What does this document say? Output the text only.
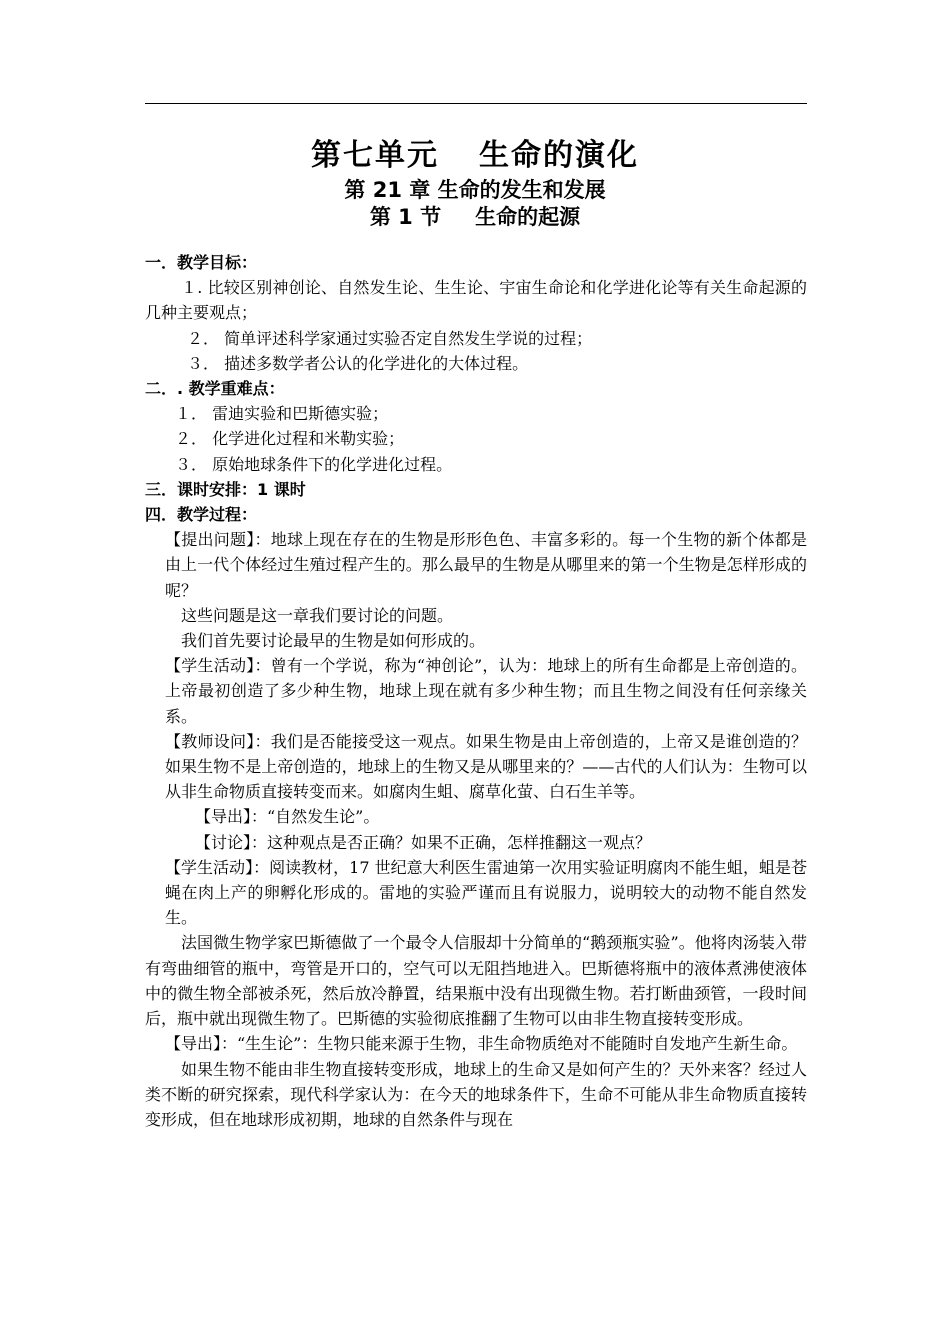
第七单元 生命的演化
第 21 章 生命的发生和发展
第 1 节 生命的起源

一．教学目标：

１. 比较区别神创论、自然发生论、生生论、宇宙生命论和化学进化论等有关生命起源的几种主要观点；

２． 简单评述科学家通过实验否定自然发生学说的过程；

３． 描述多数学者公认的化学进化的大体过程。

二．. 教学重难点：

１． 雷迪实验和巴斯德实验；

２． 化学进化过程和米勒实验；

３． 原始地球条件下的化学进化过程。

三．课时安排：1 课时

四．教学过程：

【提出问题】：地球上现在存在的生物是形形色色、丰富多彩的。每一个生物的新个体都是由上一代个体经过生殖过程产生的。那么最早的生物是从哪里来的第一个生物是怎样形成的呢？

这些问题是这一章我们要讨论的问题。

我们首先要讨论最早的生物是如何形成的。

【学生活动】：曾有一个学说，称为“神创论”，认为：地球上的所有生命都是上帝创造的。上帝最初创造了多少种生物，地球上现在就有多少种生物；而且生物之间没有任何亲缘关系。

【教师设问】：我们是否能接受这一观点。如果生物是由上帝创造的，上帝又是谁创造的？如果生物不是上帝创造的，地球上的生物又是从哪里来的？——古代的人们认为：生物可以从非生命物质直接转变而来。如腐肉生蛆、腐草化萤、白石生羊等。

【导出】：“自然发生论”。

【讨论】：这种观点是否正确？如果不正确，怎样推翻这一观点？

【学生活动】：阅读教材，17 世纪意大利医生雷迪第一次用实验证明腐肉不能生蛆，蛆是苍蝇在肉上产的卵孵化形成的。雷地的实验严谨而且有说服力，说明较大的动物不能自然发生。

法国微生物学家巴斯德做了一个最令人信服却十分简单的“鹅颈瓶实验”。他将肉汤装入带有弯曲细管的瓶中，弯管是开口的，空气可以无阻挡地进入。巴斯德将瓶中的液体煮沸使液体中的微生物全部被杀死，然后放冷静置，结果瓶中没有出现微生物。若打断曲颈管，一段时间后，瓶中就出现微生物了。巴斯德的实验彻底推翻了生物可以由非生物直接转变形成。

【导出】：“生生论”：生物只能来源于生物，非生命物质绝对不能随时自发地产生新生命。

如果生物不能由非生物直接转变形成，地球上的生命又是如何产生的？天外来客？经过人类不断的研究探索，现代科学家认为：在今天的地球条件下，生命不可能从非生命物质直接转变形成，但在地球形成初期，地球的自然条件与现在
